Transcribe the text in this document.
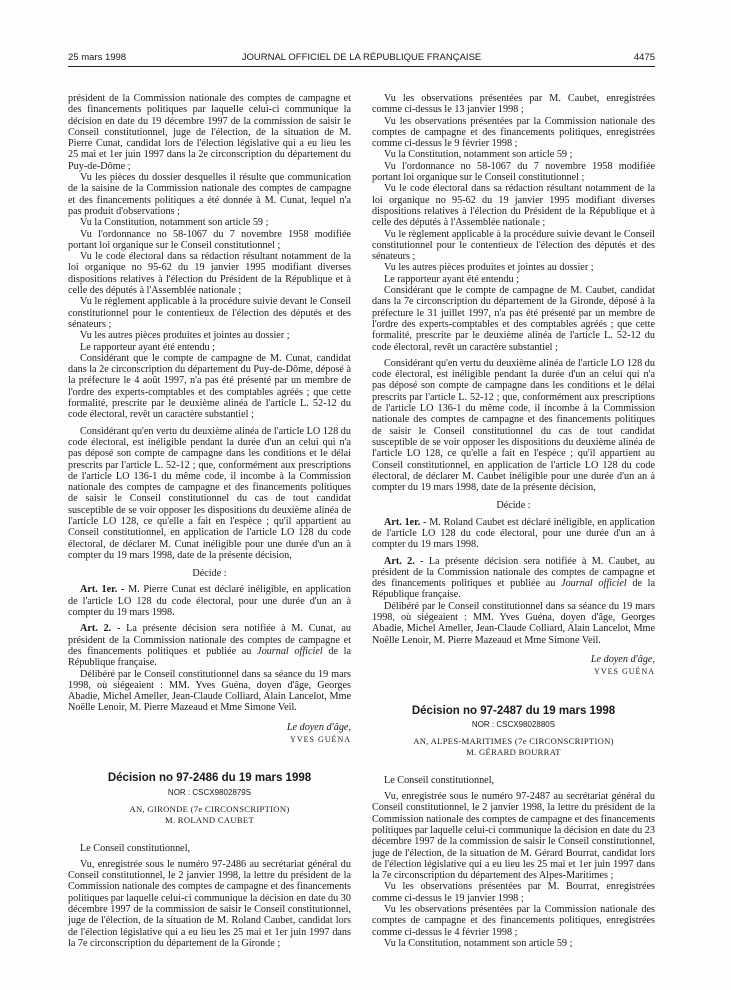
25 mars 1998	JOURNAL OFFICIEL DE LA RÉPUBLIQUE FRANÇAISE	4475

président de la Commission nationale des comptes de campagne et des financements politiques par laquelle celui-ci communique la décision en date du 19 décembre 1997 de la commission de saisir le Conseil constitutionnel, juge de l'élection, de la situation de M. Pierre Cunat, candidat lors de l'élection législative qui a eu lieu les 25 mai et 1er juin 1997 dans la 2e circonscription du département du Puy-de-Dôme ;

Vu les pièces du dossier desquelles il résulte que communication de la saisine de la Commission nationale des comptes de campagne et des financements politiques a été donnée à M. Cunat, lequel n'a pas produit d'observations ;

Vu la Constitution, notamment son article 59 ;

Vu l'ordonnance no 58-1067 du 7 novembre 1958 modifiée portant loi organique sur le Conseil constitutionnel ;

Vu le code électoral dans sa rédaction résultant notamment de la loi organique no 95-62 du 19 janvier 1995 modifiant diverses dispositions relatives à l'élection du Président de la République et à celle des députés à l'Assemblée nationale ;

Vu le règlement applicable à la procédure suivie devant le Conseil constitutionnel pour le contentieux de l'élection des députés et des sénateurs ;

Vu les autres pièces produites et jointes au dossier ;

Le rapporteur ayant été entendu ;

Considérant que le compte de campagne de M. Cunat, candidat dans la 2e circonscription du département du Puy-de-Dôme, déposé à la préfecture le 4 août 1997, n'a pas été présenté par un membre de l'ordre des experts-comptables et des comptables agréés ; que cette formalité, prescrite par le deuxième alinéa de l'article L. 52-12 du code électoral, revêt un caractère substantiel ;

Considérant qu'en vertu du deuxième alinéa de l'article LO 128 du code électoral, est inéligible pendant la durée d'un an celui qui n'a pas déposé son compte de campagne dans les conditions et le délai prescrits par l'article L. 52-12 ; que, conformément aux prescriptions de l'article LO 136-1 du même code, il incombe à la Commission nationale des comptes de campagne et des financements politiques de saisir le Conseil constitutionnel du cas de tout candidat susceptible de se voir opposer les dispositions du deuxième alinéa de l'article LO 128, ce qu'elle a fait en l'espèce ; qu'il appartient au Conseil constitutionnel, en application de l'article LO 128 du code électoral, de déclarer M. Cunat inéligible pour une durée d'un an à compter du 19 mars 1998, date de la présente décision,

Décide :

Art. 1er. - M. Pierre Cunat est déclaré inéligible, en application de l'article LO 128 du code électoral, pour une durée d'un an à compter du 19 mars 1998.

Art. 2. - La présente décision sera notifiée à M. Cunat, au président de la Commission nationale des comptes de campagne et des financements politiques et publiée au Journal officiel de la République française.

Délibéré par le Conseil constitutionnel dans sa séance du 19 mars 1998, où siégeaient : MM. Yves Guéna, doyen d'âge, Georges Abadie, Michel Ameller, Jean-Claude Colliard, Alain Lancelot, Mme Noëlle Lenoir, M. Pierre Mazeaud et Mme Simone Veil.

Le doyen d'âge,

YVES GUÉNA

Décision no 97-2486 du 19 mars 1998

NOR : CSCX9802879S

AN, GIRONDE (7e CIRCONSCRIPTION)

M. ROLAND CAUBET

Le Conseil constitutionnel,

Vu, enregistrée sous le numéro 97-2486 au secrétariat général du Conseil constitutionnel, le 2 janvier 1998, la lettre du président de la Commission nationale des comptes de campagne et des financements politiques par laquelle celui-ci communique la décision en date du 30 décembre 1997 de la commission de saisir le Conseil constitutionnel, juge de l'élection, de la situation de M. Roland Caubet, candidat lors de l'élection législative qui a eu lieu les 25 mai et 1er juin 1997 dans la 7e circonscription du département de la Gironde ;

Vu les observations présentées par M. Caubet, enregistrées comme ci-dessus le 13 janvier 1998 ;

Vu les observations présentées par la Commission nationale des comptes de campagne et des financements politiques, enregistrées comme ci-dessus le 9 février 1998 ;

Vu la Constitution, notamment son article 59 ;

Vu l'ordonnance no 58-1067 du 7 novembre 1958 modifiée portant loi organique sur le Conseil constitutionnel ;

Vu le code électoral dans sa rédaction résultant notamment de la loi organique no 95-62 du 19 janvier 1995 modifiant diverses dispositions relatives à l'élection du Président de la République et à celle des députés à l'Assemblée nationale ;

Vu le règlement applicable à la procédure suivie devant le Conseil constitutionnel pour le contentieux de l'élection des députés et des sénateurs ;

Vu les autres pièces produites et jointes au dossier ;

Le rapporteur ayant été entendu ;

Considérant que le compte de campagne de M. Caubet, candidat dans la 7e circonscription du département de la Gironde, déposé à la préfecture le 31 juillet 1997, n'a pas été présenté par un membre de l'ordre des experts-comptables et des comptables agréés ; que cette formalité, prescrite par le deuxième alinéa de l'article L. 52-12 du code électoral, revêt un caractère substantiel ;

Considérant qu'en vertu du deuxième alinéa de l'article LO 128 du code électoral, est inéligible pendant la durée d'un an celui qui n'a pas déposé son compte de campagne dans les conditions et le délai prescrits par l'article L. 52-12 ; que, conformément aux prescriptions de l'article LO 136-1 du même code, il incombe à la Commission nationale des comptes de campagne et des financements politiques de saisir le Conseil constitutionnel du cas de tout candidat susceptible de se voir opposer les dispositions du deuxième alinéa de l'article LO 128, ce qu'elle a fait en l'espèce ; qu'il appartient au Conseil constitutionnel, en application de l'article LO 128 du code électoral, de déclarer M. Caubet inéligible pour une durée d'un an à compter du 19 mars 1998, date de la présente décision,

Décide :

Art. 1er. - M. Roland Caubet est déclaré inéligible, en application de l'article LO 128 du code électoral, pour une durée d'un an à compter du 19 mars 1998.

Art. 2. - La présente décision sera notifiée à M. Caubet, au président de la Commission nationale des comptes de campagne et des financements politiques et publiée au Journal officiel de la République française.

Délibéré par le Conseil constitutionnel dans sa séance du 19 mars 1998, où siégeaient : MM. Yves Guéna, doyen d'âge, Georges Abadie, Michel Ameller, Jean-Claude Colliard, Alain Lancelot, Mme Noëlle Lenoir, M. Pierre Mazeaud et Mme Simone Veil.

Le doyen d'âge,

YVES GUÉNA

Décision no 97-2487 du 19 mars 1998

NOR : CSCX9802880S

AN, ALPES-MARITIMES (7e CIRCONSCRIPTION)

M. GÉRARD BOURRAT

Le Conseil constitutionnel,

Vu, enregistrée sous le numéro 97-2487 au secrétariat général du Conseil constitutionnel, le 2 janvier 1998, la lettre du président de la Commission nationale des comptes de campagne et des financements politiques par laquelle celui-ci communique la décision en date du 23 décembre 1997 de la commission de saisir le Conseil constitutionnel, juge de l'élection, de la situation de M. Gérard Bourrat, candidat lors de l'élection législative qui a eu lieu les 25 mai et 1er juin 1997 dans la 7e circonscription du département des Alpes-Maritimes ;

Vu les observations présentées par M. Bourrat, enregistrées comme ci-dessus le 19 janvier 1998 ;

Vu les observations présentées par la Commission nationale des comptes de campagne et des financements politiques, enregistrées comme ci-dessus le 4 février 1998 ;

Vu la Constitution, notamment son article 59 ;
